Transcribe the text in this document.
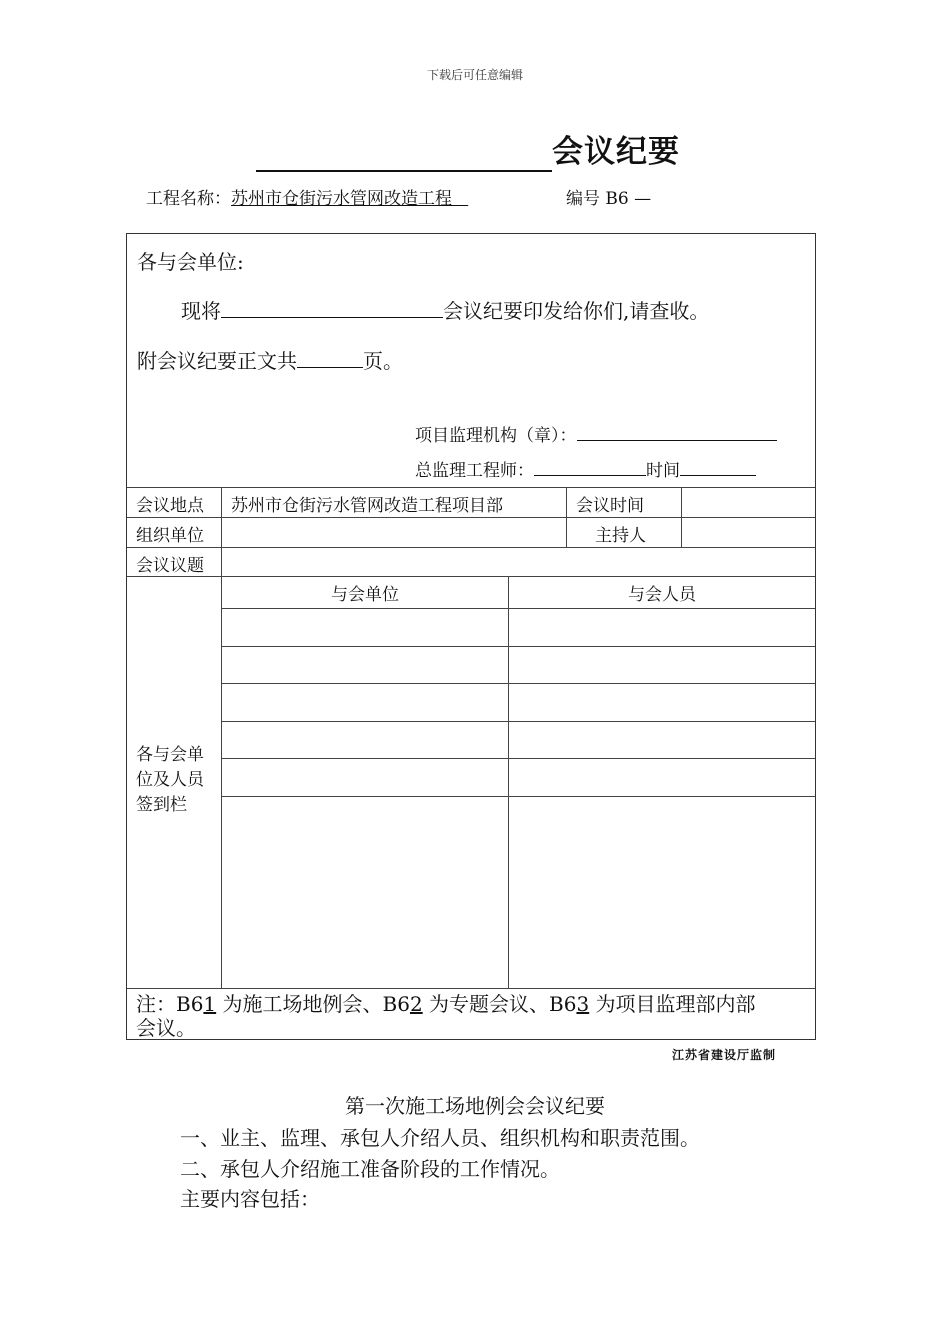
下载后可任意编辑
会议纪要
工程名称：苏州市仓街污水管网改造工程	编号 B6 —
各与会单位:
现将	会议纪要印发给你们,请查收。
附会议纪要正文共	页。
项目监理机构（章）：
总监理工程师：	时间
会议地点 苏州市仓街污水管网改造工程项目部	会议时间
组织单位	主持人
会议议题
各与会单
位及人员
签到栏
与会单位	与会人员
注：B61 为施工场地例会、B62 为专题会议、B63 为项目监理部内部
会议。
江苏省建设厅监制
第一次施工场地例会会议纪要
一、业主、监理、承包人介绍人员、组织机构和职责范围。
二、承包人介绍施工准备阶段的工作情况。
主要内容包括：
